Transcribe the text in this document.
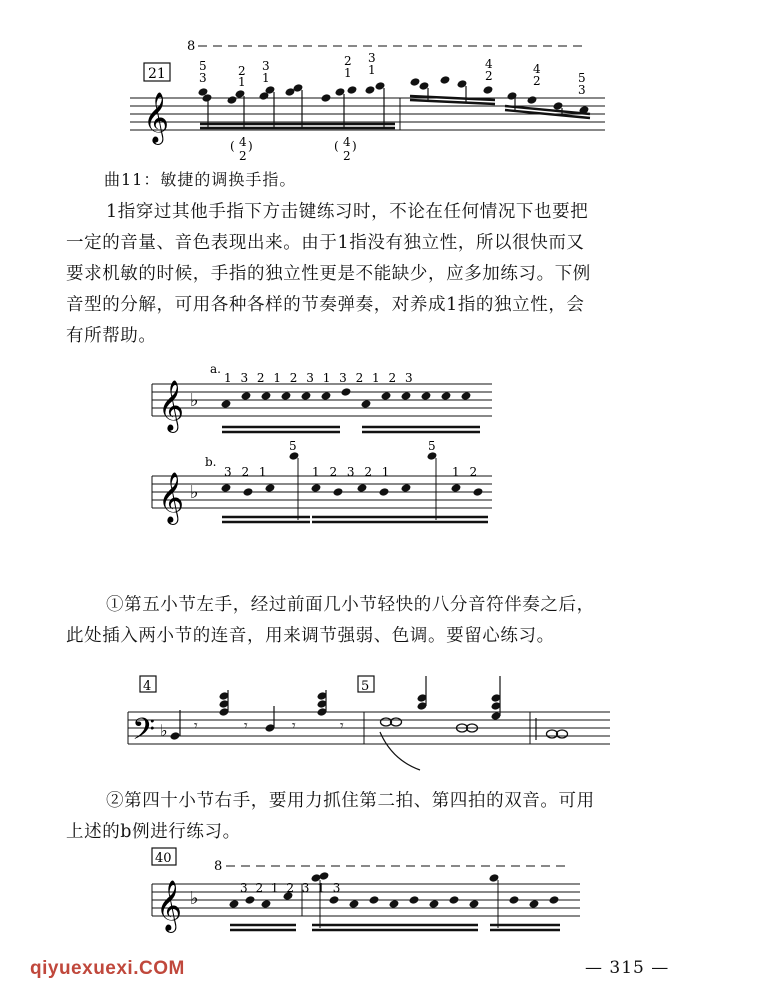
𝄞
21
8
5
3	2
1
3
1
2
1
3
1	4
2	4
2	5
3
( 4
2
)	( 4
2
)
𝄞 ♭
a.
1 3 2 1 2 3 1 3 2 1 2 3
𝄞 ♭
b.
3 2 1
5
1 2 3 2 1
5
1 2
4	5
𝄢 ♭ 𝄾	𝄾	𝄾	𝄾
40
8
𝄞 ♭	3 2 1 2 3 1 3
曲11：敏捷的调换手指。

1指穿过其他手指下方击键练习时，不论在任何情况下也要把

一定的音量、音色表现出来。由于1指没有独立性，所以很快而又

要求机敏的时候，手指的独立性更是不能缺少，应多加练习。下例

音型的分解，可用各种各样的节奏弹奏，对养成1指的独立性，会

有所帮助。

①第五小节左手，经过前面几小节轻快的八分音符伴奏之后，

此处插入两小节的连音，用来调节强弱、色调。要留心练习。

②第四十小节右手，要用力抓住第二拍、第四拍的双音。可用

上述的b例进行练习。

qiyuexuexi.COM	— 315 —
